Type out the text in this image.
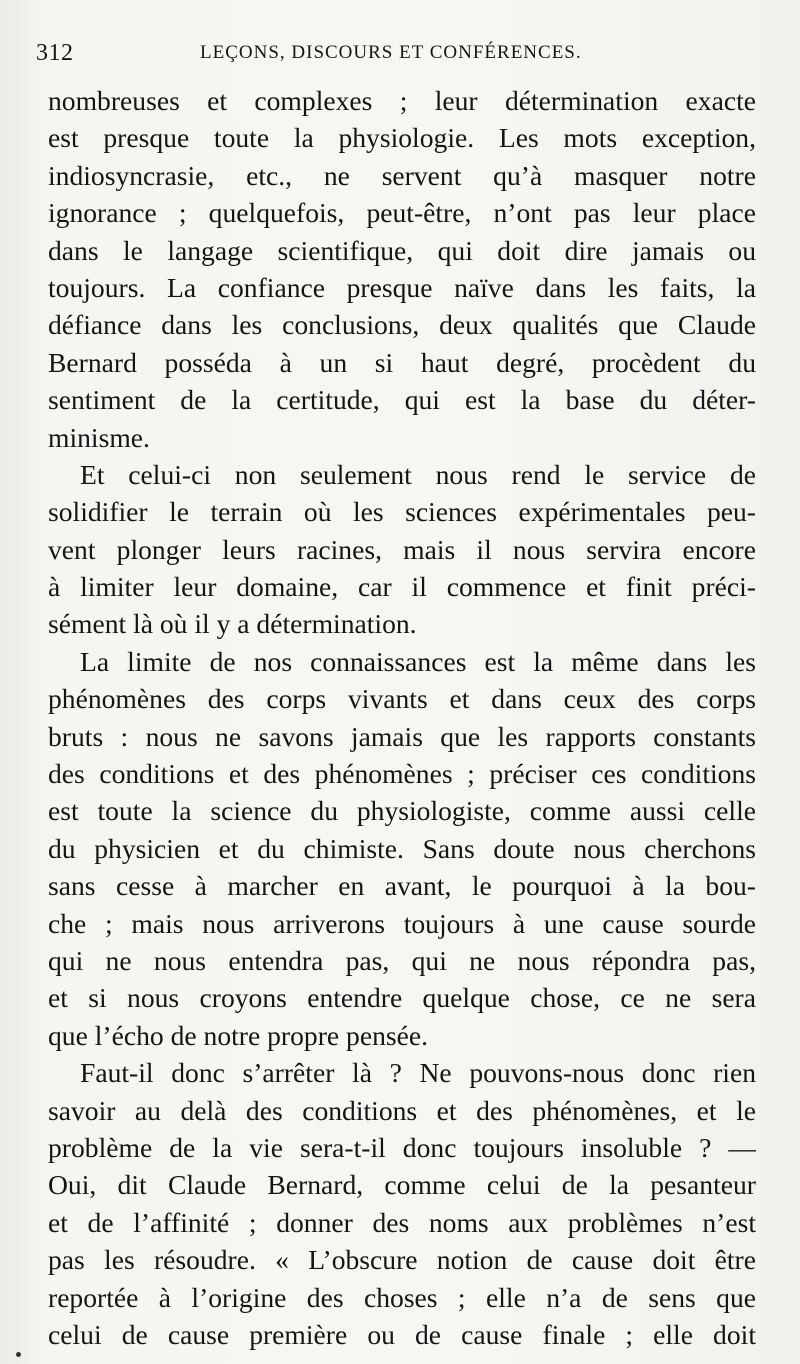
312	LEÇONS, DISCOURS ET CONFÉRENCES.
nombreuses et complexes ; leur détermination exacte
est presque toute la physiologie. Les mots exception,
indiosyncrasie, etc., ne servent qu’à masquer notre
ignorance ; quelquefois, peut-être, n’ont pas leur place
dans le langage scientifique, qui doit dire jamais ou
toujours. La confiance presque naïve dans les faits, la
défiance dans les conclusions, deux qualités que Claude
Bernard posséda à un si haut degré, procèdent du
sentiment de la certitude, qui est la base du déter-
minisme.
Et celui-ci non seulement nous rend le service de
solidifier le terrain où les sciences expérimentales peu-
vent plonger leurs racines, mais il nous servira encore
à limiter leur domaine, car il commence et finit préci-
sément là où il y a détermination.
La limite de nos connaissances est la même dans les
phénomènes des corps vivants et dans ceux des corps
bruts : nous ne savons jamais que les rapports constants
des conditions et des phénomènes ; préciser ces conditions
est toute la science du physiologiste, comme aussi celle
du physicien et du chimiste. Sans doute nous cherchons
sans cesse à marcher en avant, le pourquoi à la bou-
che ; mais nous arriverons toujours à une cause sourde
qui ne nous entendra pas, qui ne nous répondra pas,
et si nous croyons entendre quelque chose, ce ne sera
que l’écho de notre propre pensée.
Faut-il donc s’arrêter là ? Ne pouvons-nous donc rien
savoir au delà des conditions et des phénomènes, et le
problème de la vie sera-t-il donc toujours insoluble ? —
Oui, dit Claude Bernard, comme celui de la pesanteur
et de l’affinité ; donner des noms aux problèmes n’est
pas les résoudre. « L’obscure notion de cause doit être
reportée à l’origine des choses ; elle n’a de sens que
celui de cause première ou de cause finale ; elle doit
